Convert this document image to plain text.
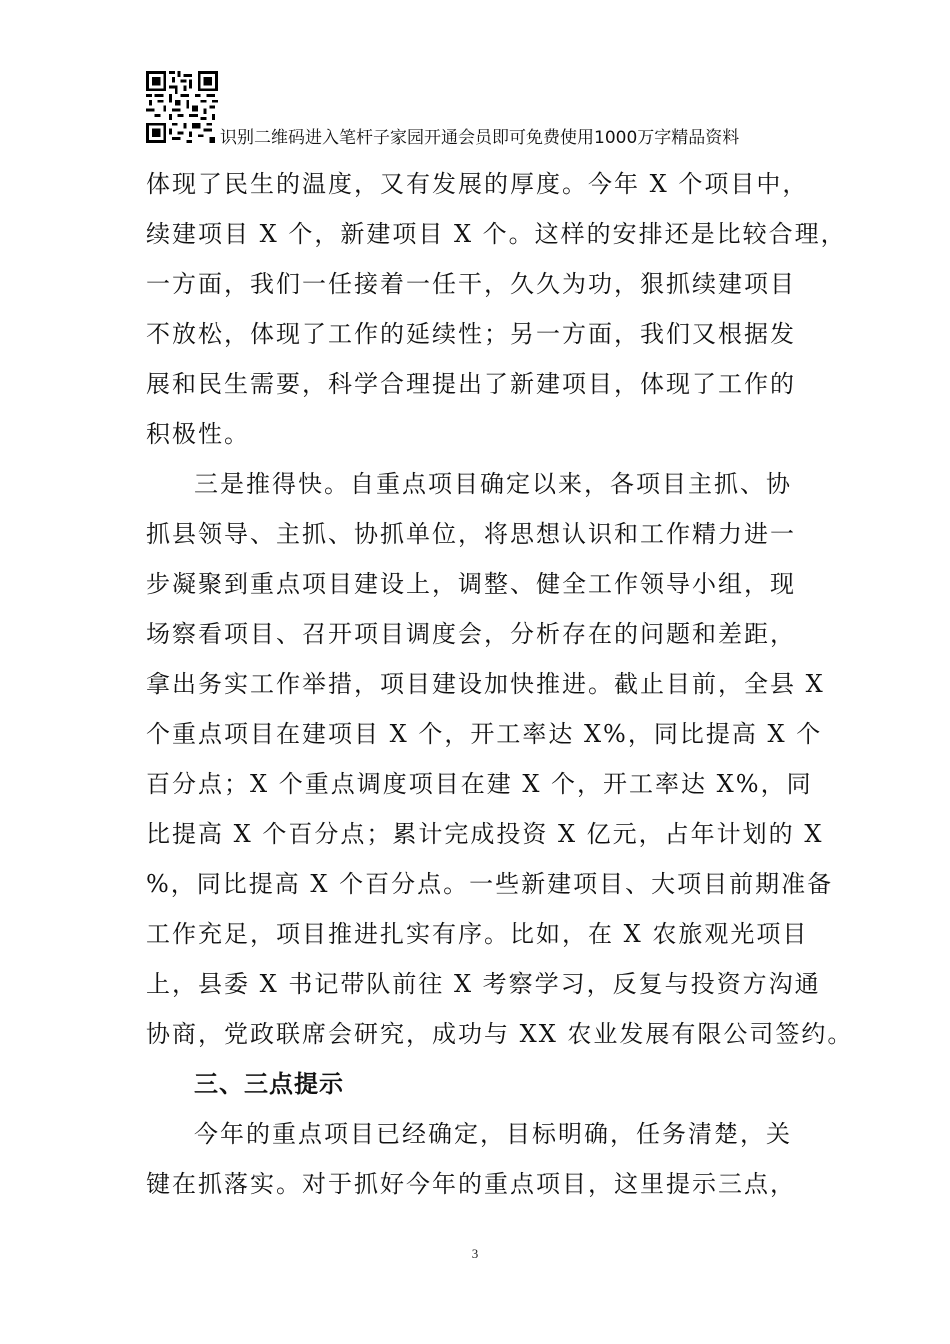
识别二维码进入笔杆子家园开通会员即可免费使用1000万字精品资料
体现了民生的温度，又有发展的厚度。今年 X 个项目中，
续建项目 X 个，新建项目 X 个。这样的安排还是比较合理，
一方面，我们一任接着一任干，久久为功，狠抓续建项目
不放松，体现了工作的延续性；另一方面，我们又根据发
展和民生需要，科学合理提出了新建项目，体现了工作的
积极性。
三是推得快。自重点项目确定以来，各项目主抓、协
抓县领导、主抓、协抓单位，将思想认识和工作精力进一
步凝聚到重点项目建设上，调整、健全工作领导小组，现
场察看项目、召开项目调度会，分析存在的问题和差距，
拿出务实工作举措，项目建设加快推进。截止目前，全县 X
个重点项目在建项目 X 个，开工率达 X%，同比提高 X 个
百分点；X 个重点调度项目在建 X 个，开工率达 X%，同
比提高 X 个百分点；累计完成投资 X 亿元，占年计划的 X
%，同比提高 X 个百分点。一些新建项目、大项目前期准备
工作充足，项目推进扎实有序。比如，在 X 农旅观光项目
上，县委 X 书记带队前往 X 考察学习，反复与投资方沟通
协商，党政联席会研究，成功与 XX 农业发展有限公司签约。
三、三点提示
今年的重点项目已经确定，目标明确，任务清楚，关
键在抓落实。对于抓好今年的重点项目，这里提示三点，
3
